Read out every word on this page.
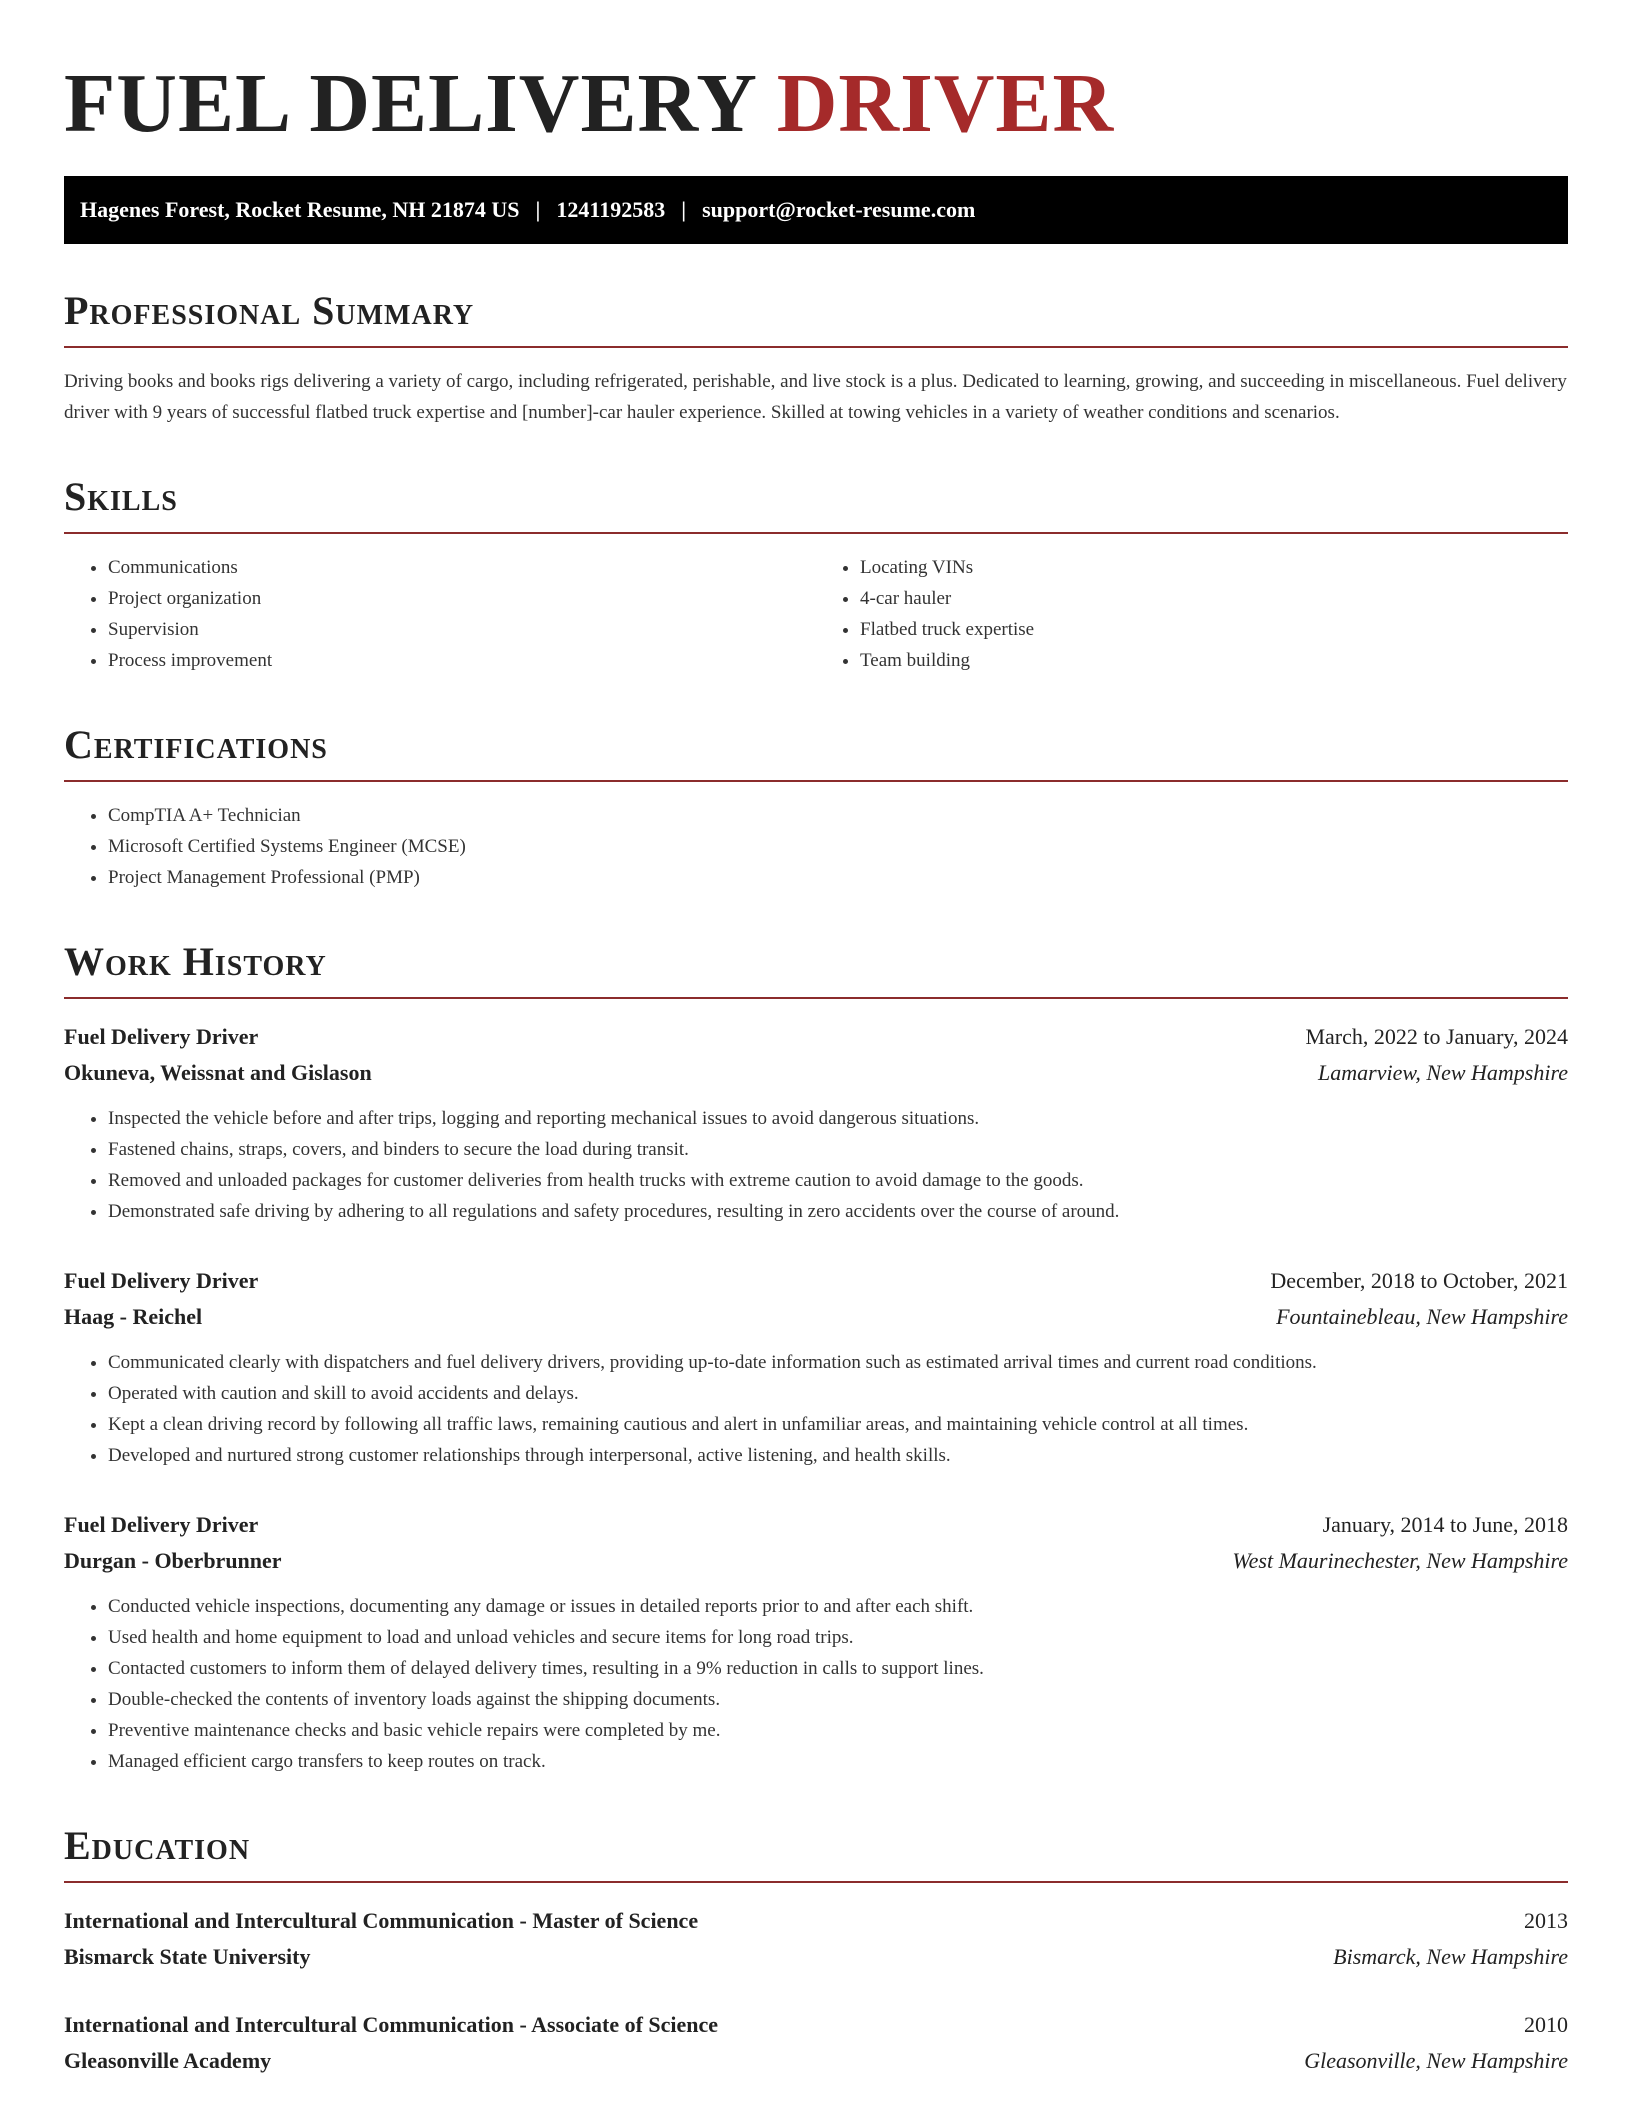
FUEL DELIVERY DRIVER
Hagenes Forest, Rocket Resume, NH 21874 US | 1241192583 | support@rocket-resume.com
Professional Summary

Driving books and books rigs delivering a variety of cargo, including refrigerated, perishable, and live stock is a plus. Dedicated to learning, growing, and succeeding in miscellaneous. Fuel delivery driver with 9 years of successful flatbed truck expertise and [number]-car hauler experience. Skilled at towing vehicles in a variety of weather conditions and scenarios.

Skills
• Communications
• Project organization
• Supervision
• Process improvement
• Locating VINs
• 4-car hauler
• Flatbed truck expertise
• Team building
Certifications
• CompTIA A+ Technician
• Microsoft Certified Systems Engineer (MCSE)
• Project Management Professional (PMP)
Work History
Fuel Delivery Driver	March, 2022 to January, 2024
Okuneva, Weissnat and Gislason	Lamarview, New Hampshire
• Inspected the vehicle before and after trips, logging and reporting mechanical issues to avoid dangerous situations.
• Fastened chains, straps, covers, and binders to secure the load during transit.
• Removed and unloaded packages for customer deliveries from health trucks with extreme caution to avoid damage to the goods.
• Demonstrated safe driving by adhering to all regulations and safety procedures, resulting in zero accidents over the course of around.
Fuel Delivery Driver	December, 2018 to October, 2021
Haag - Reichel	Fountainebleau, New Hampshire
• Communicated clearly with dispatchers and fuel delivery drivers, providing up-to-date information such as estimated arrival times and current road conditions.
• Operated with caution and skill to avoid accidents and delays.
• Kept a clean driving record by following all traffic laws, remaining cautious and alert in unfamiliar areas, and maintaining vehicle control at all times.
• Developed and nurtured strong customer relationships through interpersonal, active listening, and health skills.
Fuel Delivery Driver	January, 2014 to June, 2018
Durgan - Oberbrunner	West Maurinechester, New Hampshire
• Conducted vehicle inspections, documenting any damage or issues in detailed reports prior to and after each shift.
• Used health and home equipment to load and unload vehicles and secure items for long road trips.
• Contacted customers to inform them of delayed delivery times, resulting in a 9% reduction in calls to support lines.
• Double-checked the contents of inventory loads against the shipping documents.
• Preventive maintenance checks and basic vehicle repairs were completed by me.
• Managed efficient cargo transfers to keep routes on track.
Education
International and Intercultural Communication - Master of Science	2013
Bismarck State University	Bismarck, New Hampshire
International and Intercultural Communication - Associate of Science	2010
Gleasonville Academy	Gleasonville, New Hampshire
